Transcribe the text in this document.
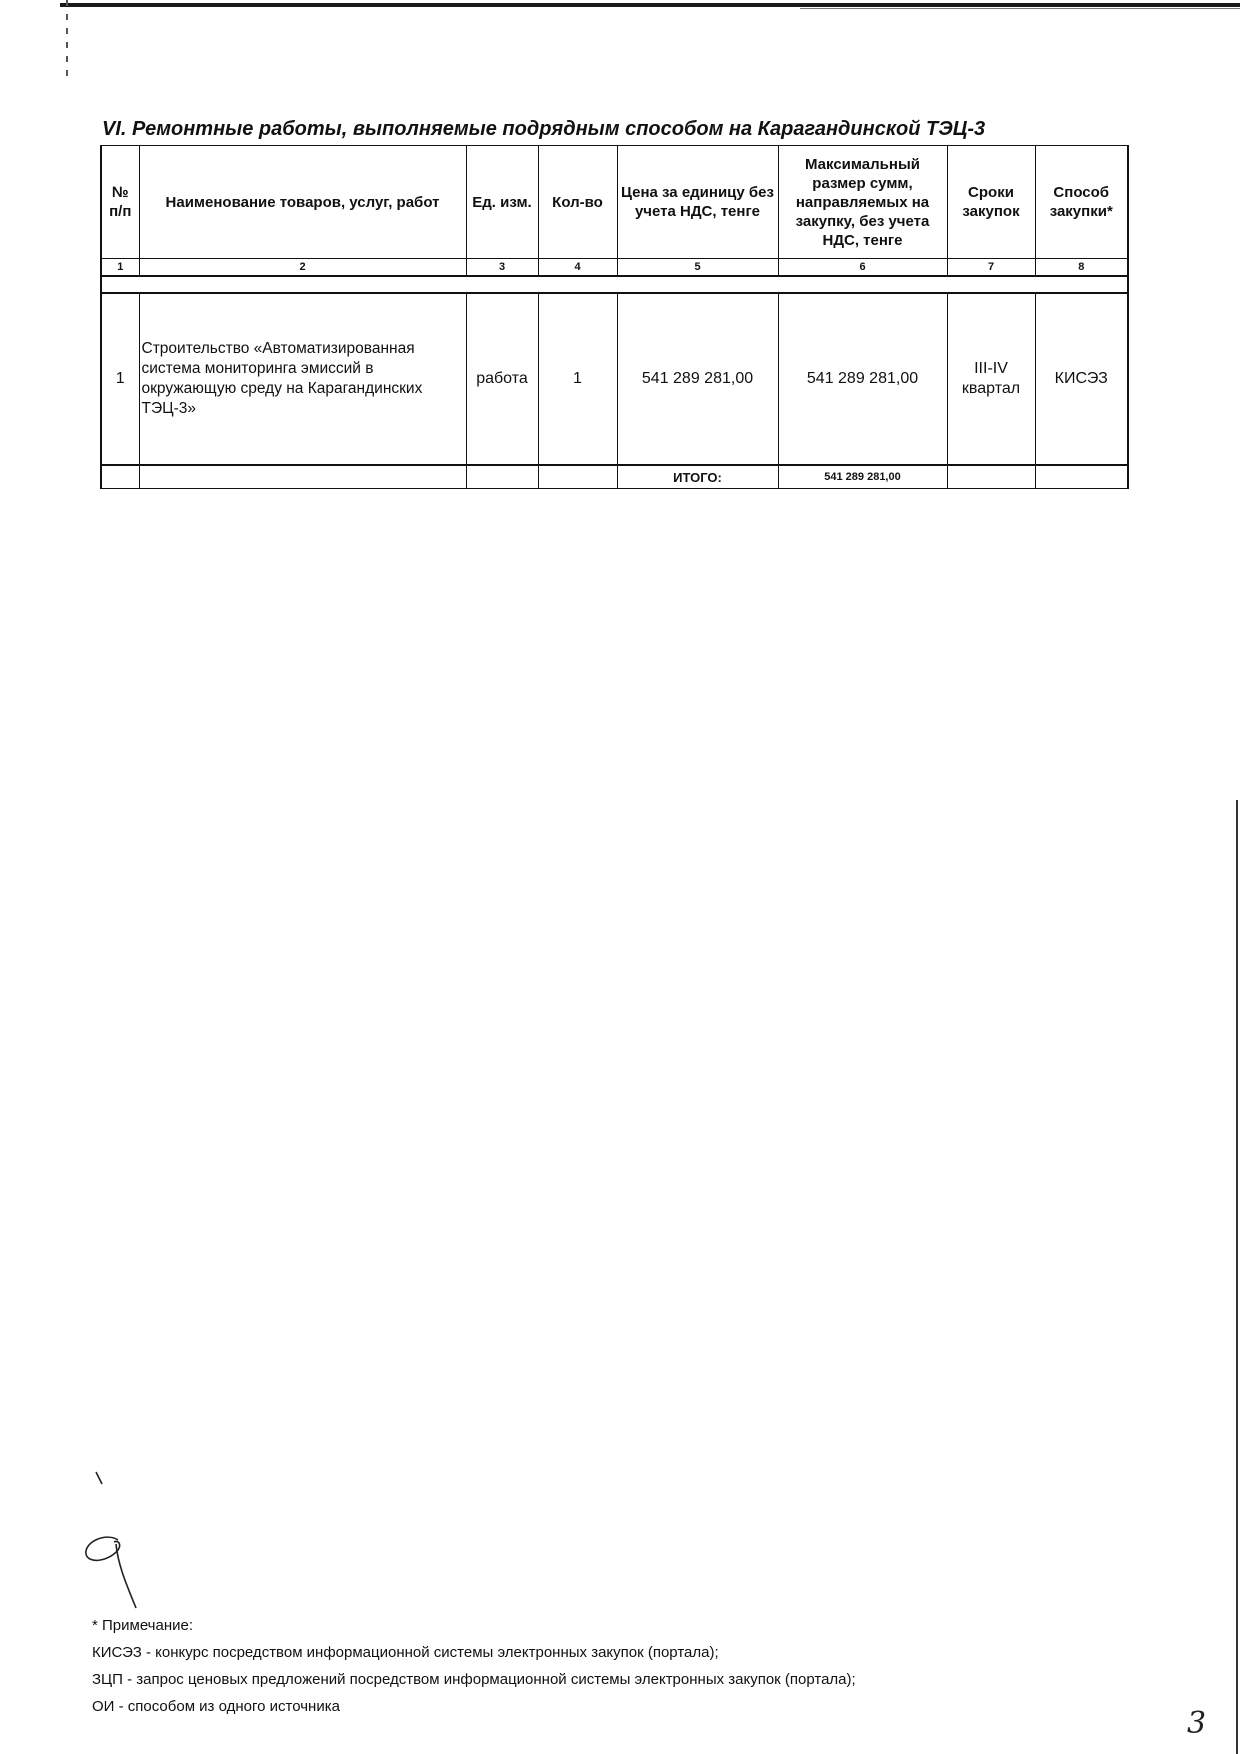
VI. Ремонтные работы, выполняемые подрядным способом на Карагандинской ТЭЦ-3
№ п/п	Наименование товаров, услуг, работ	Ед. изм.	Кол-во	Цена за единицу без учета НДС, тенге	Максимальный размер сумм, направляемых на закупку, без учета НДС, тенге	Сроки закупок	Способ закупки*
1	2	3	4	5	6	7	8

1	Строительство «Автоматизированная система мониторинга эмиссий в окружающую среду на Карагандинских ТЭЦ-3»	работа	1	541 289 281,00	541 289 281,00	III-IV квартал	КИСЭЗ
				ИТОГО:	541 289 281,00		
* Примечание:
КИСЭЗ - конкурс посредством информационной системы электронных закупок (портала);
ЗЦП - запрос ценовых предложений посредством информационной системы электронных закупок (портала);
ОИ - способом из одного источника	3
